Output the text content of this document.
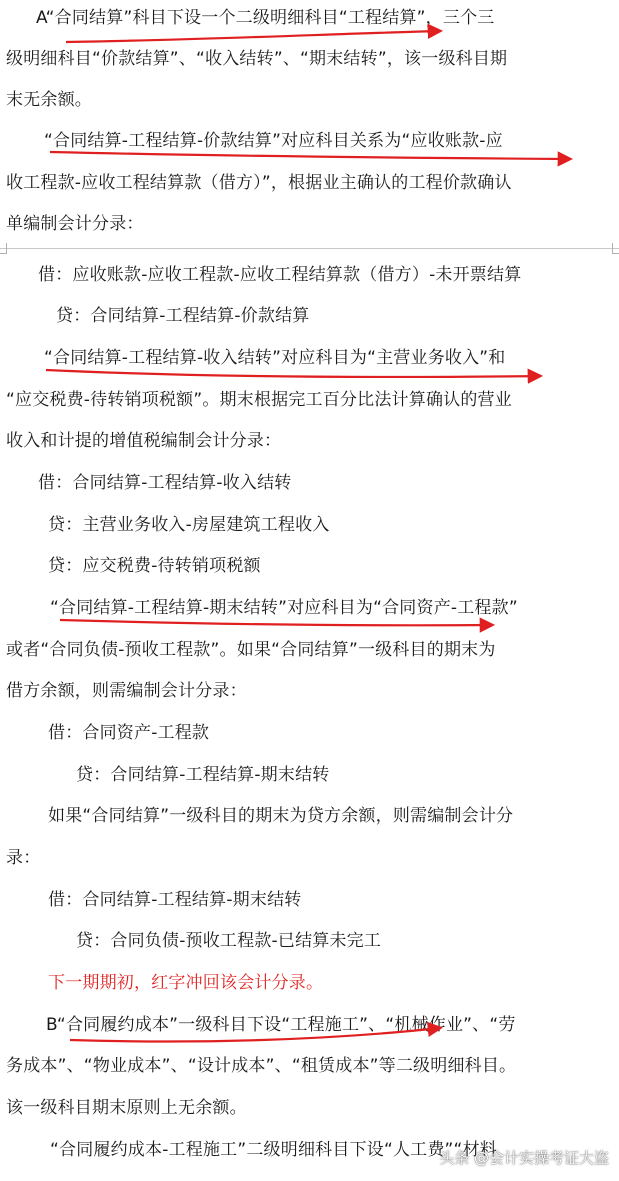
A“合同结算”科目下设一个二级明细科目“工程结算”，三个三

级明细科目“价款结算”、“收入结转”、“期末结转”，该一级科目期

末无余额。

“合同结算-工程结算-价款结算”对应科目关系为“应收账款-应

收工程款-应收工程结算款（借方）”，根据业主确认的工程价款确认

单编制会计分录：

借：应收账款-应收工程款-应收工程结算款（借方）-未开票结算

贷：合同结算-工程结算-价款结算

“合同结算-工程结算-收入结转”对应科目为“主营业务收入”和

“应交税费-待转销项税额”。期末根据完工百分比法计算确认的营业

收入和计提的增值税编制会计分录：

借：合同结算-工程结算-收入结转

贷：主营业务收入-房屋建筑工程收入

贷：应交税费-待转销项税额

“合同结算-工程结算-期末结转”对应科目为“合同资产-工程款”

或者“合同负债-预收工程款”。如果“合同结算”一级科目的期末为

借方余额，则需编制会计分录：

借：合同资产-工程款

贷：合同结算-工程结算-期末结转

如果“合同结算”一级科目的期末为贷方余额，则需编制会计分

录：

借：合同结算-工程结算-期末结转

贷：合同负债-预收工程款-已结算未完工

下一期期初，红字冲回该会计分录。

B“合同履约成本”一级科目下设“工程施工”、“机械作业”、“劳

务成本”、“物业成本”、“设计成本”、“租赁成本”等二级明细科目。

该一级科目期末原则上无余额。

“合同履约成本-工程施工”二级明细科目下设“人工费”“材料

头条 @会计实操考证大盗
